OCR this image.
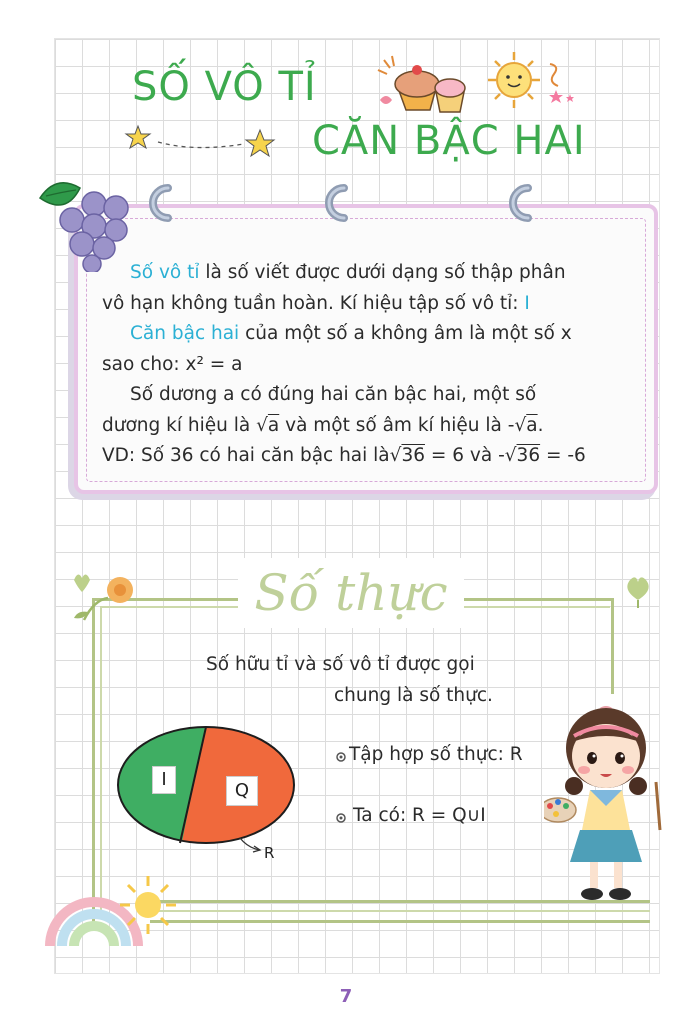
SỐ VÔ TỈ
CĂN BẬC HAI

Số vô tỉ là số viết được dưới dạng số thập phân

vô hạn không tuần hoàn. Kí hiệu tập số vô tỉ: I

Căn bậc hai của một số a không âm là một số x

sao cho: x² = a

Số dương a có đúng hai căn bậc hai, một số

dương kí hiệu là √a và một số âm kí hiệu là -√a.

VD: Số 36 có hai căn bậc hai là√36 = 6 và -√36 = -6

Số thực
Số hữu tỉ và số vô tỉ được gọi
chung là số thực.
I
Q
R
Tập hợp số thực: R
Ta có: R = Q∪I
7
